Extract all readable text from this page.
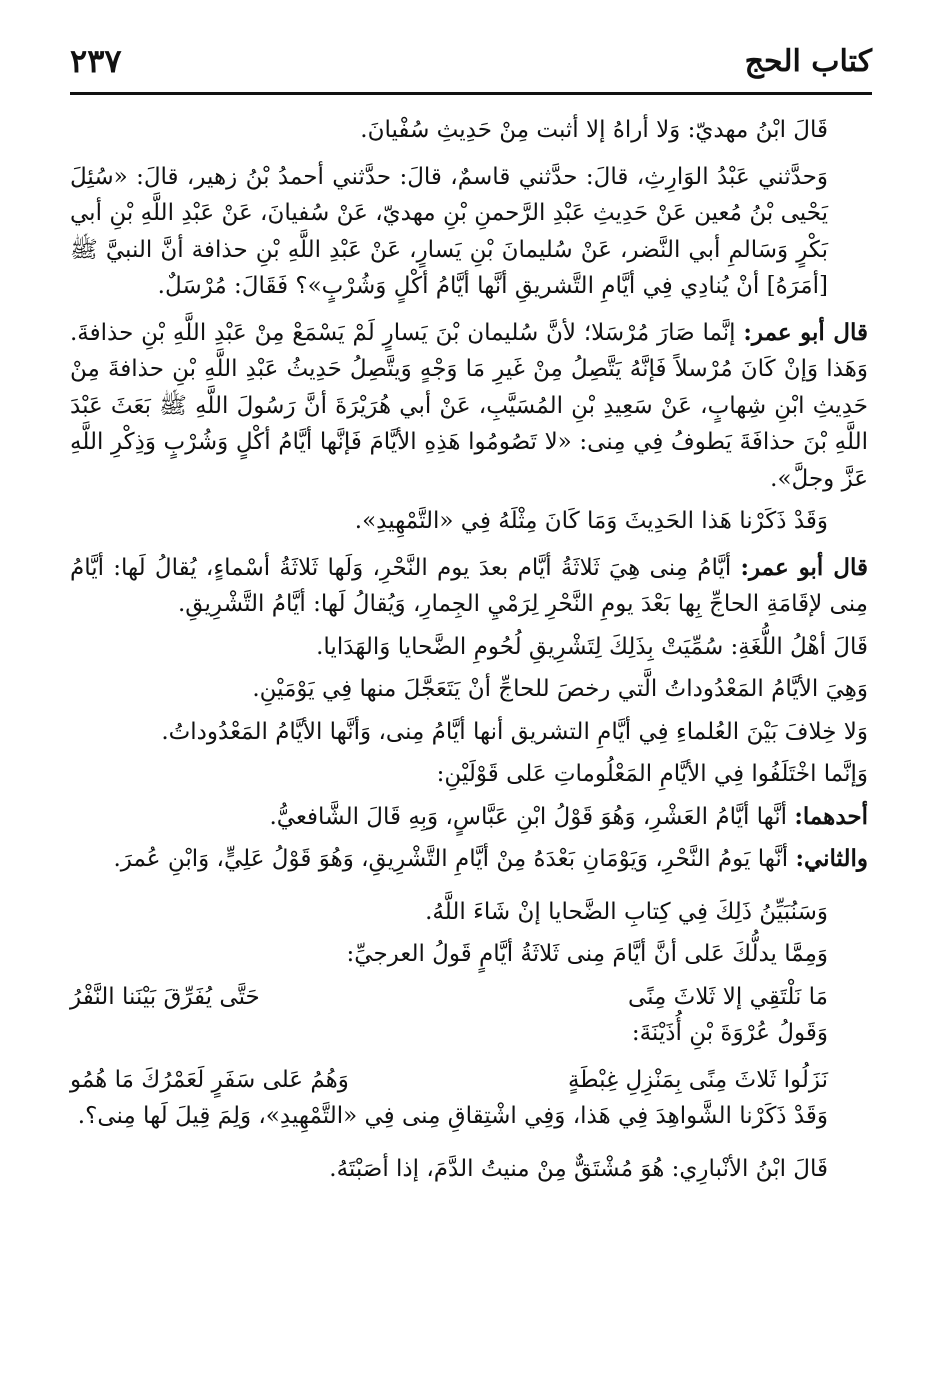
كتاب الحج
٢٣٧

قَالَ ابْنُ مهديّ: وَلا أراهُ إلا أثبت مِنْ حَدِيثِ سُفْيانَ.

وَحدَّثني عَبْدُ الوَارِثِ، قالَ: حدَّثني قاسمٌ، قالَ: حدَّثني أحمدُ بْنُ زهير، قالَ: «سُئِلَ يَحْيى بْنُ مُعين عَنْ حَدِيثِ عَبْدِ الرَّحمنِ بْنِ مهديّ، عَنْ سُفيانَ، عَنْ عَبْدِ اللَّهِ بْنِ أبي بَكْرٍ وَسَالمِ أبي النَّضر، عَنْ سُليمانَ بْنِ يَسارٍ، عَنْ عَبْدِ اللَّهِ بْنِ حذافة أنَّ النبيَّ ﷺ [أمَرَهُ] أنْ يُنادِي فِي أيَّامِ التَّشريقِ أنَّها أيَّامُ أكْلٍ وَشُرْبٍ»؟ فَقَالَ: مُرْسَلٌ.

قال أبو عمر: إنَّما صَارَ مُرْسَلا؛ لأنَّ سُليمان بْنَ يَسارٍ لَمْ يَسْمَعْ مِنْ عَبْدِ اللَّهِ بْنِ حذافةَ. وَهَذا وَإنْ كَانَ مُرْسلاً فَإنَّهُ يَتَّصِلُ مِنْ غَيرِ مَا وَجْهٍ وَيتَّصِلُ حَدِيثُ عَبْدِ اللَّهِ بْنِ حذافةَ مِنْ حَدِيثِ ابْنِ شِهابٍ، عَنْ سَعِيدِ بْنِ المُسَيَّبِ، عَنْ أبي هُرَيْرَةَ أنَّ رَسُولَ اللَّهِ ﷺ بَعَثَ عَبْدَ اللَّهِ بْنَ حذافَةَ يَطوفُ فِي مِنى: «لا تَصُومُوا هَذِهِ الأيَّامَ فَإنَّها أيَّامُ أكْلٍ وَشُرْبٍ وَذِكْرِ اللَّهِ عَزَّ وجلَّ».

وَقَدْ ذَكَرْنا هَذا الحَدِيثَ وَمَا كَانَ مِثْلَهُ فِي «التَّمْهِيدِ».

قال أبو عمر: أيَّامُ مِنى هِيَ ثَلاثَةُ أيَّام بعدَ يوم النَّحْرِ، وَلَها ثَلاثَةُ أسْماءٍ، يُقالُ لَها: أيَّامُ مِنى لإقَامَةِ الحاجِّ بِها بَعْدَ يومِ النَّحْرِ لِرَمْيِ الجِمارِ، وَيُقالُ لَها: أيَّامُ التَّشْرِيقِ.

قَالَ أهْلُ اللُّغَةِ: سُمِّيَتْ بِذَلِكَ لِتَشْرِيقِ لُحُومِ الضَّحايا وَالهَدَايا.

وَهِيَ الأيَّامُ المَعْدُوداتُ الَّتي رخصَ للحاجِّ أنْ يَتَعَجَّلَ منها فِي يَوْمَيْنِ.

وَلا خِلافَ بَيْنَ العُلماءِ فِي أيَّامِ التشريق أنها أيَّامُ مِنى، وَأنَّها الأيَّامُ المَعْدُوداتُ.

وَإنَّما اخْتَلَفُوا فِي الأيَّامِ المَعْلُوماتِ عَلى قَوْلَيْنِ:

أحدهما: أنَّها أيَّامُ العَشْرِ، وَهُوَ قَوْلُ ابْنِ عَبَّاسٍ، وَبِهِ قَالَ الشَّافعيُّ.

والثاني: أنَّها يَومُ النَّحْرِ، وَيَوْمَانِ بَعْدَهُ مِنْ أيَّامِ التَّشْرِيقِ، وَهُوَ قَوْلُ عَلِيٍّ، وَابْنِ عُمرَ.

وَسَنُبَيِّنُ ذَلِكَ فِي كِتابِ الضَّحايا إنْ شَاءَ اللَّهُ.

وَمِمَّا يدلُّكَ عَلى أنَّ أيَّامَ مِنى ثَلاثَةُ أيَّامٍ قَولُ العرجيِّ:

مَا نَلْتَقِي إلا ثَلاثَ مِنًى
حَتَّى يُفَرِّقَ بَيْنَنا النَّفْرُ

وَقَولُ عُرْوَةَ بْنِ أُذَيْنَةَ:

نَزَلُوا ثَلاثَ مِنًى بِمَنْزِلِ غِبْطَةٍ
وَهُمُ عَلى سَفَرٍ لَعَمْرُكَ مَا هُمُو

وَقَدْ ذَكَرْنا الشَّواهِدَ فِي هَذا، وَفِي اشْتِقاقِ مِنى فِي «التَّمْهِيدِ»، وَلِمَ قِيلَ لَها مِنى؟.

قَالَ ابْنُ الأنْبارِي: هُوَ مُشْتَقٌّ مِنْ منيتُ الدَّمَ، إذا أصَبْتَهُ.
